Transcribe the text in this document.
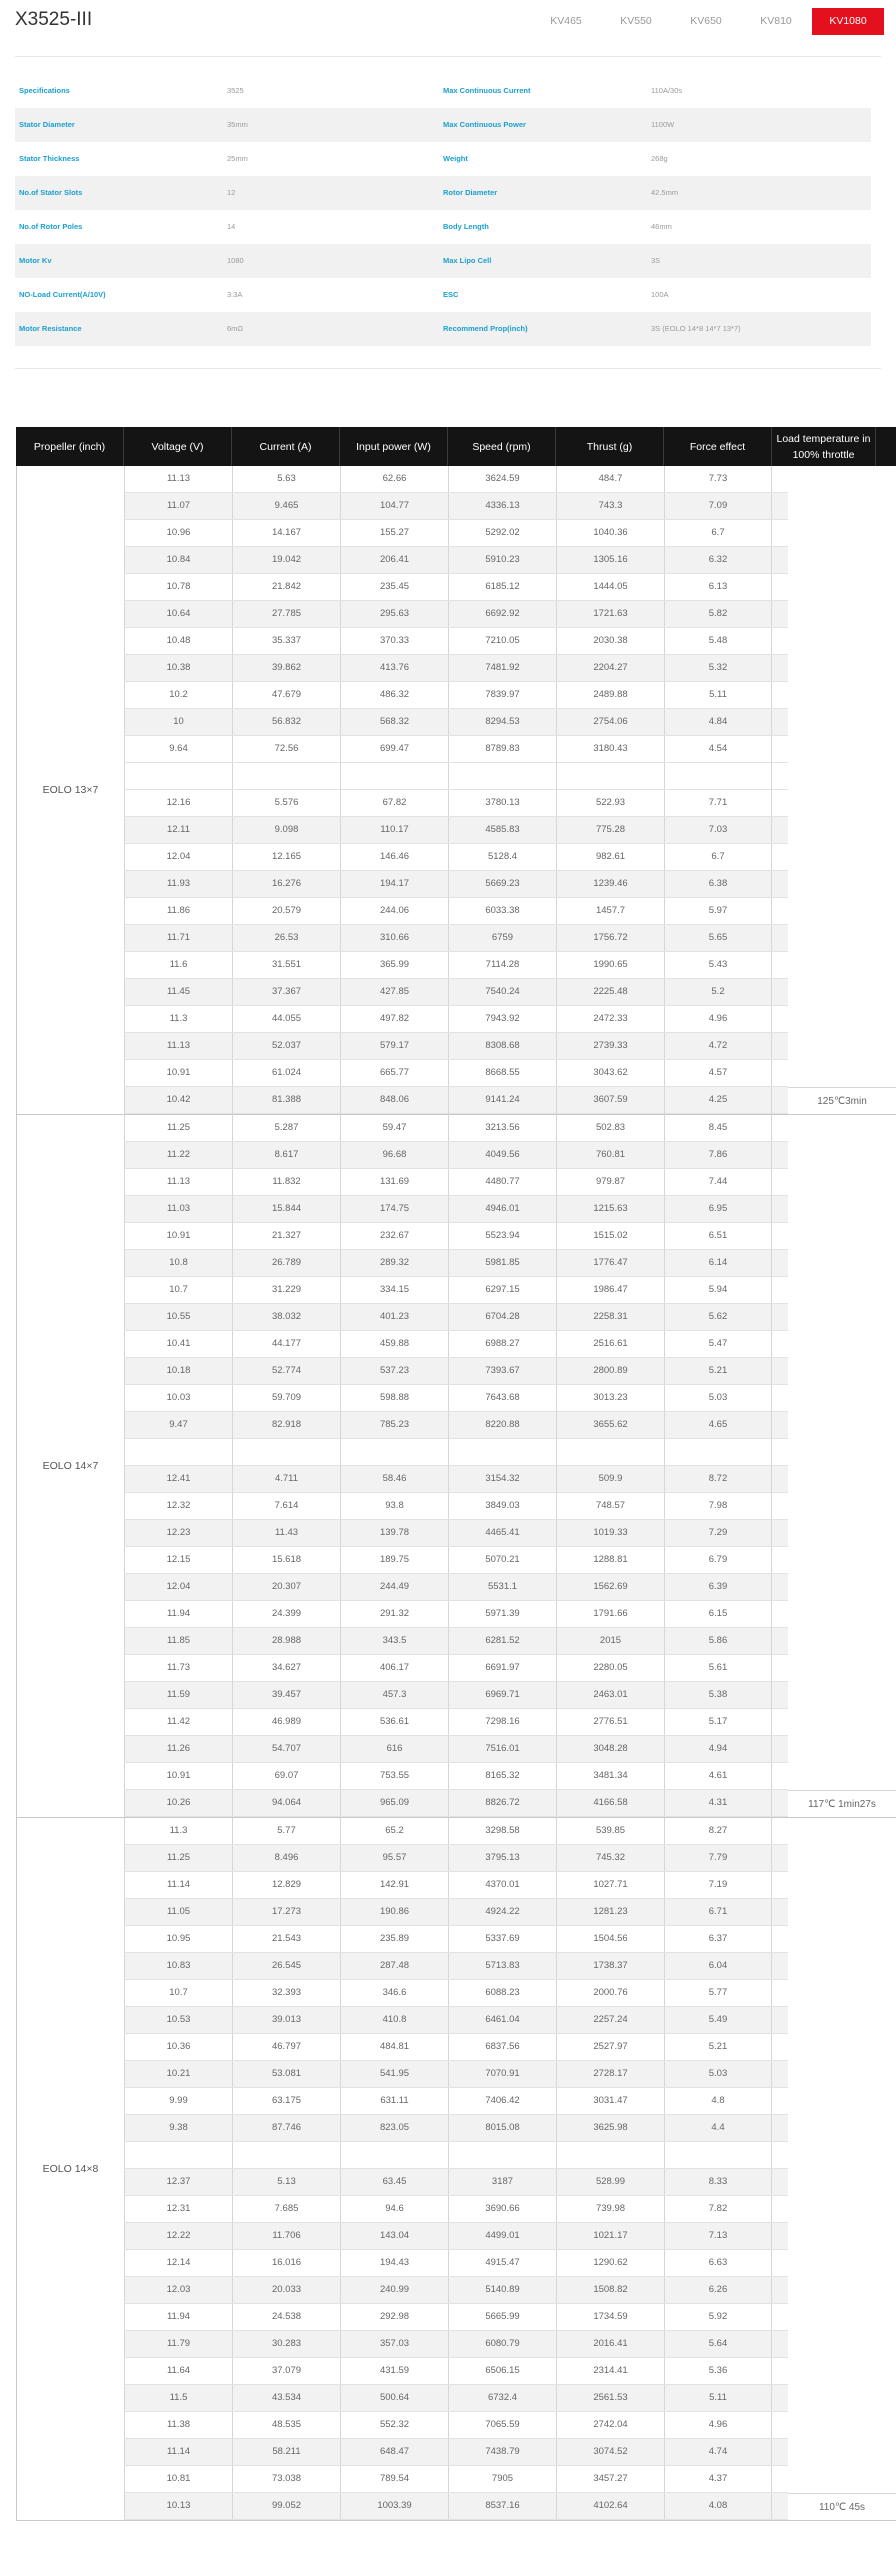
X3525-III	KV465	KV550	KV650	KV810	KV1080
Specifications	3525	Max Continuous Current	110A/30s
Stator Diameter	35mm	Max Continuous Power	1100W
Stator Thickness	25mm	Weight	268g
No.of Stator Slots	12	Rotor Diameter	42.5mm
No.of Rotor Poles	14	Body Length	46mm
Motor Kv	1080	Max Lipo Cell	3S
NO-Load Current(A/10V)	3.3A	ESC	100A
Motor Resistance	6mΩ	Recommend Prop(inch)	3S (EOLO 14*8 14*7 13*7)
Propeller (inch)	Voltage (V)	Current (A)	Input power (W)	Speed (rpm)	Thrust (g)	Force effect
Load temperature in 100% throttle
EOLO 13×7
11.13	5.63	62.66	3624.59	484.7	7.73
11.07	9.465	104.77	4336.13	743.3	7.09
10.96	14.167	155.27	5292.02	1040.36	6.7
10.84	19.042	206.41	5910.23	1305.16	6.32
10.78	21.842	235.45	6185.12	1444.05	6.13
10.64	27.785	295.63	6692.92	1721.63	5.82
10.48	35.337	370.33	7210.05	2030.38	5.48
10.38	39.862	413.76	7481.92	2204.27	5.32
10.2	47.679	486.32	7839.97	2489.88	5.11
10	56.832	568.32	8294.53	2754.06	4.84
9.64	72.56	699.47	8789.83	3180.43	4.54
12.16	5.576	67.82	3780.13	522.93	7.71
12.11	9.098	110.17	4585.83	775.28	7.03
12.04	12.165	146.46	5128.4	982.61	6.7
11.93	16.276	194.17	5669.23	1239.46	6.38
11.86	20.579	244.06	6033.38	1457.7	5.97
11.71	26.53	310.66	6759	1756.72	5.65
11.6	31.551	365.99	7114.28	1990.65	5.43
11.45	37.367	427.85	7540.24	2225.48	5.2
11.3	44.055	497.82	7943.92	2472.33	4.96
11.13	52.037	579.17	8308.68	2739.33	4.72
10.91	61.024	665.77	8668.55	3043.62	4.57
10.42	81.388	848.06	9141.24	3607.59	4.25	125℃3min
EOLO 14×7
11.25	5.287	59.47	3213.56	502.83	8.45
11.22	8.617	96.68	4049.56	760.81	7.86
11.13	11.832	131.69	4480.77	979.87	7.44
11.03	15.844	174.75	4946.01	1215.63	6.95
10.91	21.327	232.67	5523.94	1515.02	6.51
10.8	26.789	289.32	5981.85	1776.47	6.14
10.7	31.229	334.15	6297.15	1986.47	5.94
10.55	38.032	401.23	6704.28	2258.31	5.62
10.41	44.177	459.88	6988.27	2516.61	5.47
10.18	52.774	537.23	7393.67	2800.89	5.21
10.03	59.709	598.88	7643.68	3013.23	5.03
9.47	82.918	785.23	8220.88	3655.62	4.65
12.41	4.711	58.46	3154.32	509.9	8.72
12.32	7.614	93.8	3849.03	748.57	7.98
12.23	11.43	139.78	4465.41	1019.33	7.29
12.15	15.618	189.75	5070.21	1288.81	6.79
12.04	20.307	244.49	5531.1	1562.69	6.39
11.94	24.399	291.32	5971.39	1791.66	6.15
11.85	28.988	343.5	6281.52	2015	5.86
11.73	34.627	406.17	6691.97	2280.05	5.61
11.59	39.457	457.3	6969.71	2463.01	5.38
11.42	46.989	536.61	7298.16	2776.51	5.17
11.26	54.707	616	7516.01	3048.28	4.94
10.91	69.07	753.55	8165.32	3481.34	4.61
10.26	94.064	965.09	8826.72	4166.58	4.31	117℃ 1min27s
EOLO 14×8
11.3	5.77	65.2	3298.58	539.85	8.27
11.25	8.496	95.57	3795.13	745.32	7.79
11.14	12.829	142.91	4370.01	1027.71	7.19
11.05	17.273	190.86	4924.22	1281.23	6.71
10.95	21.543	235.89	5337.69	1504.56	6.37
10.83	26.545	287.48	5713.83	1738.37	6.04
10.7	32.393	346.6	6088.23	2000.76	5.77
10.53	39.013	410.8	6461.04	2257.24	5.49
10.36	46.797	484.81	6837.56	2527.97	5.21
10.21	53.081	541.95	7070.91	2728.17	5.03
9.99	63.175	631.11	7406.42	3031.47	4.8
9.38	87.746	823.05	8015.08	3625.98	4.4
12.37	5.13	63.45	3187	528.99	8.33
12.31	7.685	94.6	3690.66	739.98	7.82
12.22	11.706	143.04	4499.01	1021.17	7.13
12.14	16.016	194.43	4915.47	1290.62	6.63
12.03	20.033	240.99	5140.89	1508.82	6.26
11.94	24.538	292.98	5665.99	1734.59	5.92
11.79	30.283	357.03	6080.79	2016.41	5.64
11.64	37.079	431.59	6506.15	2314.41	5.36
11.5	43.534	500.64	6732.4	2561.53	5.11
11.38	48.535	552.32	7065.59	2742.04	4.96
11.14	58.211	648.47	7438.79	3074.52	4.74
10.81	73.038	789.54	7905	3457.27	4.37
10.13	99.052	1003.39	8537.16	4102.64	4.08	110℃ 45s
